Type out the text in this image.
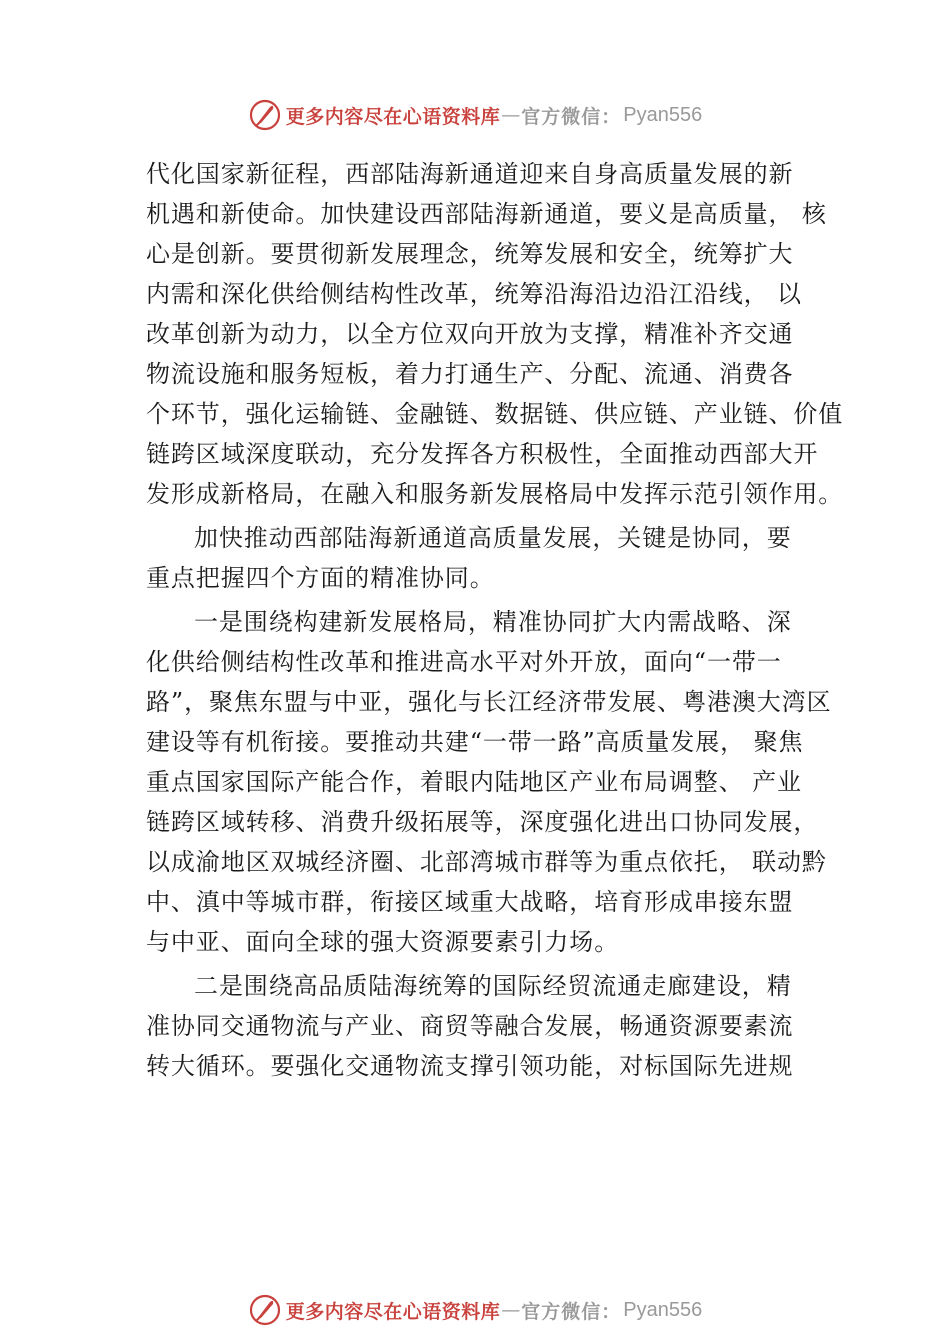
更多内容尽在心语资料库 — 官方微信： Pyan556
代化国家新征程，西部陆海新通道迎来自身高质量发展的新
机遇和新使命。加快建设西部陆海新通道，要义是高质量， 核
心是创新。要贯彻新发展理念，统筹发展和安全，统筹扩大
内需和深化供给侧结构性改革，统筹沿海沿边沿江沿线， 以
改革创新为动力，以全方位双向开放为支撑，精准补齐交通
物流设施和服务短板，着力打通生产、分配、流通、消费各
个环节，强化运输链、金融链、数据链、供应链、产业链、价值
链跨区域深度联动，充分发挥各方积极性，全面推动西部大开
发形成新格局，在融入和服务新发展格局中发挥示范引领作用。
加快推动西部陆海新通道高质量发展，关键是协同，要
重点把握四个方面的精准协同。
一是围绕构建新发展格局，精准协同扩大内需战略、深
化供给侧结构性改革和推进高水平对外开放，面向“一带一
路”，聚焦东盟与中亚，强化与长江经济带发展、粤港澳大湾区
建设等有机衔接。要推动共建“一带一路”高质量发展， 聚焦
重点国家国际产能合作，着眼内陆地区产业布局调整、 产业
链跨区域转移、消费升级拓展等，深度强化进出口协同发展，
以成渝地区双城经济圈、北部湾城市群等为重点依托， 联动黔
中、滇中等城市群，衔接区域重大战略，培育形成串接东盟
与中亚、面向全球的强大资源要素引力场。
二是围绕高品质陆海统筹的国际经贸流通走廊建设，精
准协同交通物流与产业、商贸等融合发展，畅通资源要素流
转大循环。要强化交通物流支撑引领功能，对标国际先进规
更多内容尽在心语资料库 — 官方微信： Pyan556
